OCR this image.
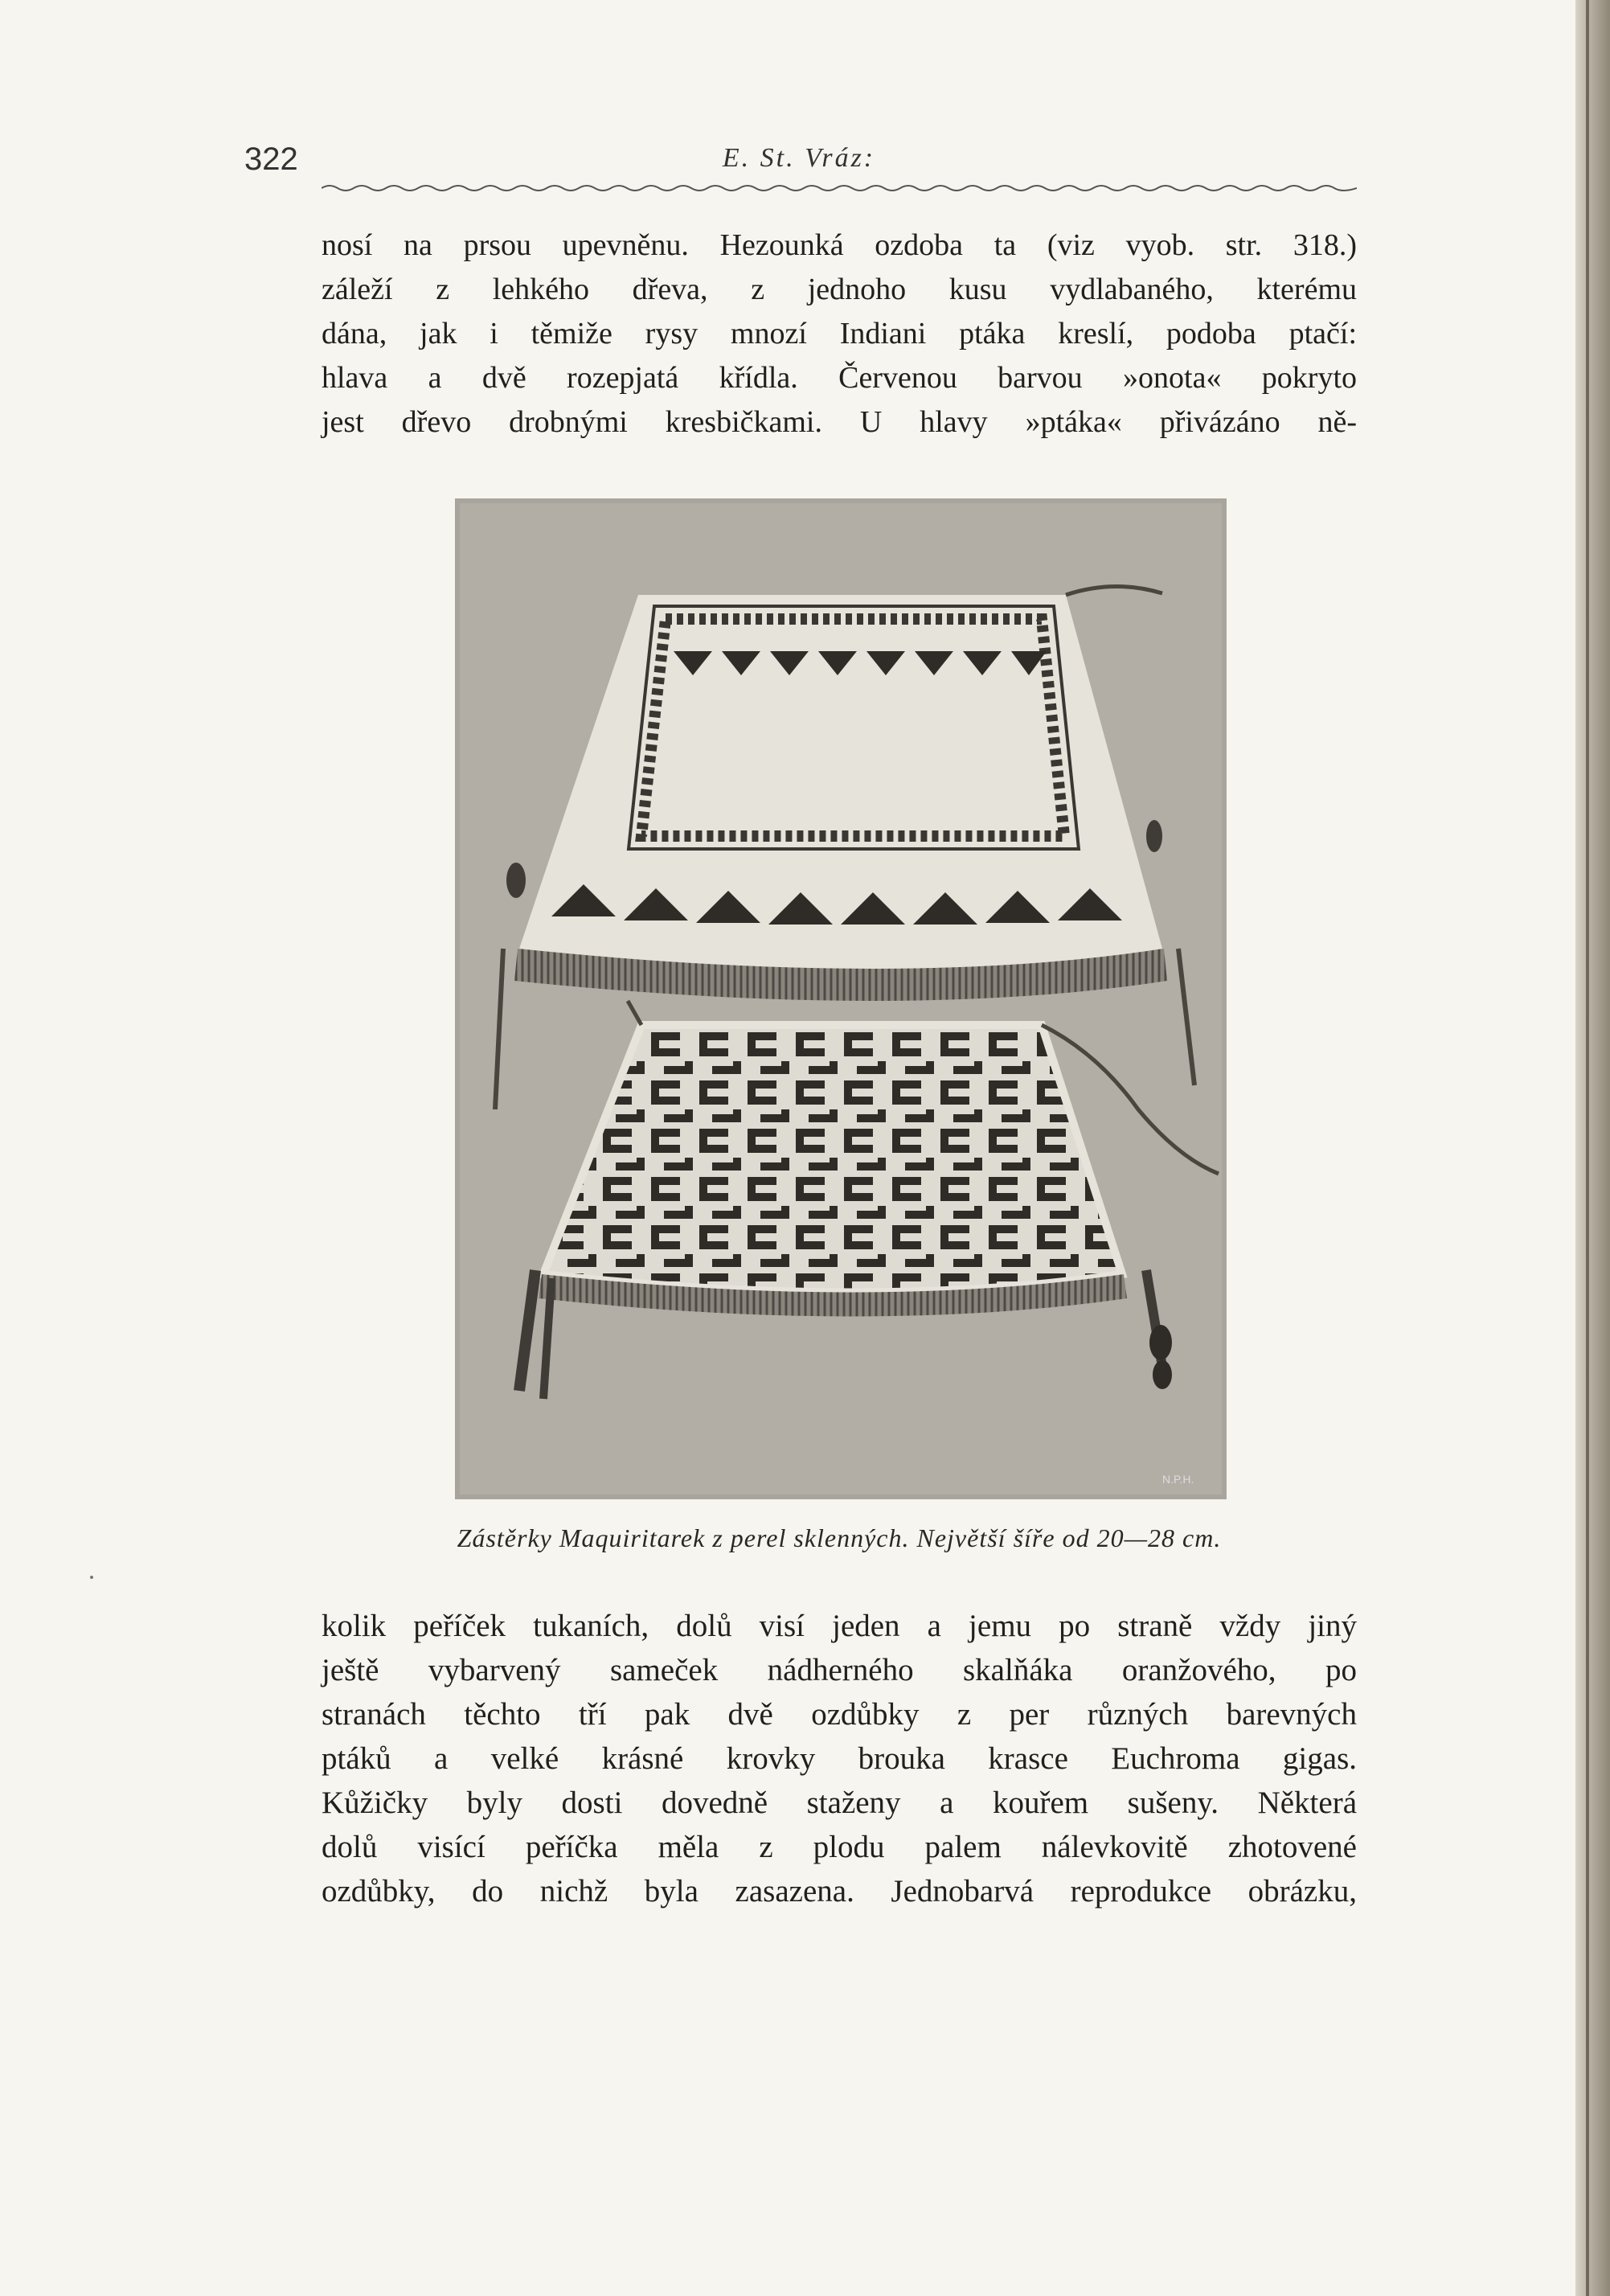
322	E. St. Vráz:
nosí na prsou upevněnu. Hezounká ozdoba ta (viz vyob. str. 318.)
záleží z lehkého dřeva, z jednoho kusu vydlabaného, kterému
dána, jak i těmiže rysy mnozí Indiani ptáka kreslí, podoba ptačí:
hlava a dvě rozepjatá křídla. Červenou barvou »onota« pokryto
jest dřevo drobnými kresbičkami. U hlavy »ptáka« přivázáno ně-
N.P.H.
Zástěrky Maquiritarek z perel sklenných. Největší šíře od 20—28 cm.
kolik peříček tukaních, dolů visí jeden a jemu po straně vždy jiný
ještě vybarvený sameček nádherného skalňáka oranžového, po
stranách těchto tří pak dvě ozdůbky z per různých barevných
ptáků a velké krásné krovky brouka krasce Euchroma gigas.
Kůžičky byly dosti dovedně staženy a kouřem sušeny. Některá
dolů visící peříčka měla z plodu palem nálevkovitě zhotovené
ozdůbky, do nichž byla zasazena. Jednobarvá reprodukce obrázku,
